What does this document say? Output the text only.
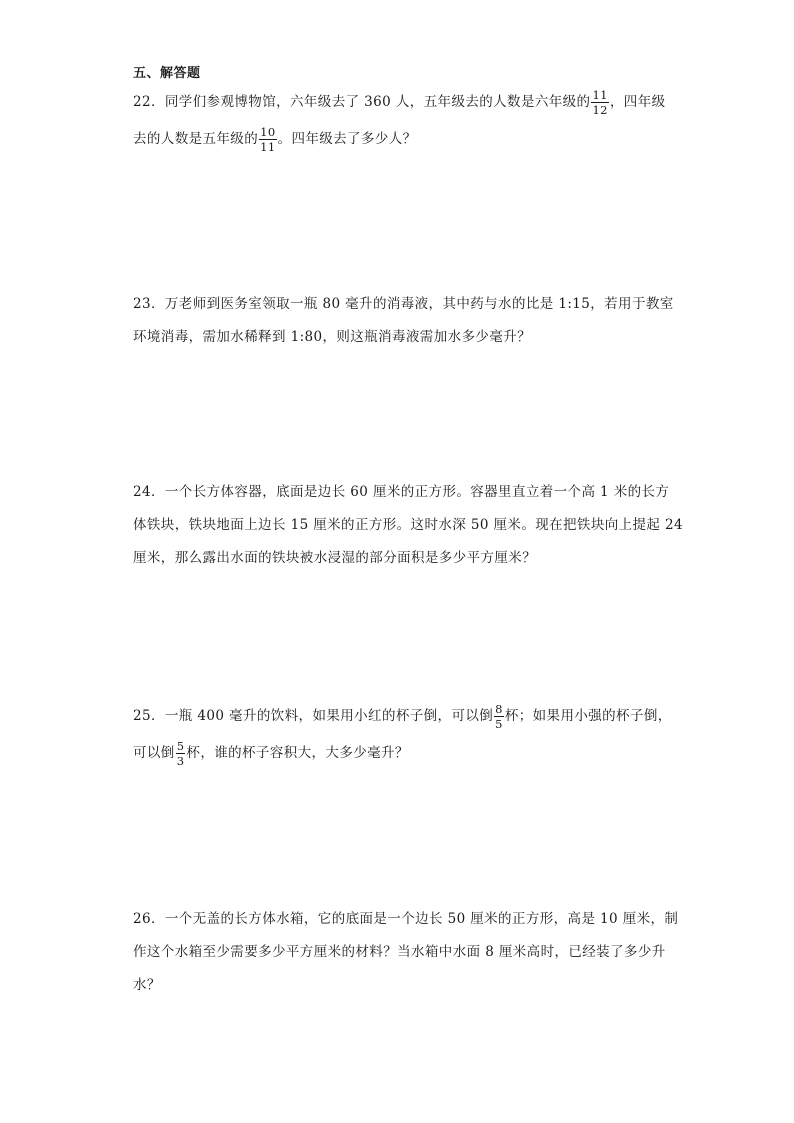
五、解答题
22．同学们参观博物馆，六年级去了 360 人，五年级去的人数是六年级的 $\frac{11}{12}$ ，四年级
去的人数是五年级的 $\frac{10}{11}$ 。四年级去了多少人？
23．万老师到医务室领取一瓶 80 毫升的消毒液，其中药与水的比是 1:15，若用于教室
环境消毒，需加水稀释到 1:80，则这瓶消毒液需加水多少毫升？
24．一个长方体容器，底面是边长 60 厘米的正方形。容器里直立着一个高 1 米的长方
体铁块，铁块地面上边长 15 厘米的正方形。这时水深 50 厘米。现在把铁块向上提起 24
厘米，那么露出水面的铁块被水浸湿的部分面积是多少平方厘米？
25．一瓶 400 毫升的饮料，如果用小红的杯子倒，可以倒 $\frac{8}{5}$ 杯；如果用小强的杯子倒，
可以倒 $\frac{5}{3}$ 杯，谁的杯子容积大，大多少毫升？
26．一个无盖的长方体水箱，它的底面是一个边长 50 厘米的正方形，高是 10 厘米，制
作这个水箱至少需要多少平方厘米的材料？当水箱中水面 8 厘米高时，已经装了多少升
水？
